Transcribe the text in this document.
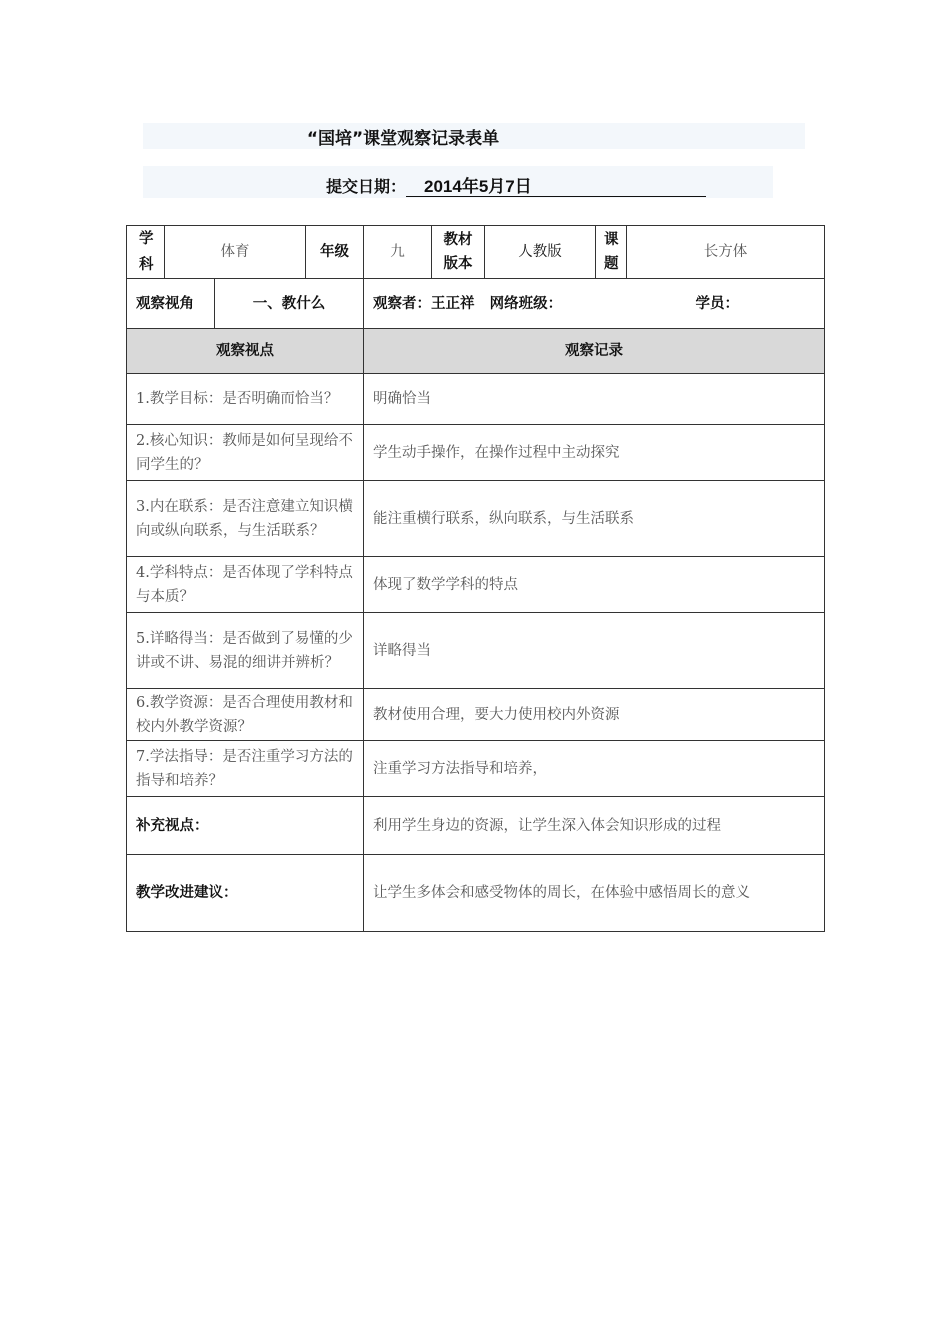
“国培”课堂观察记录表单
提交日期： 2014年5月7日
学科	体育		年级	九	教材版本	人教版	课题	长方体
观察视角		一、教什么		观察者：王正祥 网络班级： 学员：				

观察视点				观察记录				
1.教学目标：是否明确而恰当？				明确恰当				
2.核心知识：教师是如何呈现给不同学生的？				学生动手操作，在操作过程中主动探究				
3.内在联系：是否注意建立知识横向或纵向联系，与生活联系？				能注重横行联系，纵向联系，与生活联系				
4.学科特点：是否体现了学科特点与本质？				体现了数学学科的特点				
5.详略得当：是否做到了易懂的少讲或不讲、易混的细讲并辨析？				详略得当				
6.教学资源：是否合理使用教材和校内外教学资源？				教材使用合理，要大力使用校内外资源				
7.学法指导：是否注重学习方法的指导和培养？				注重学习方法指导和培养，				
补充视点：				利用学生身边的资源，让学生深入体会知识形成的过程				
教学改进建议：				让学生多体会和感受物体的周长，在体验中感悟周长的意义				
